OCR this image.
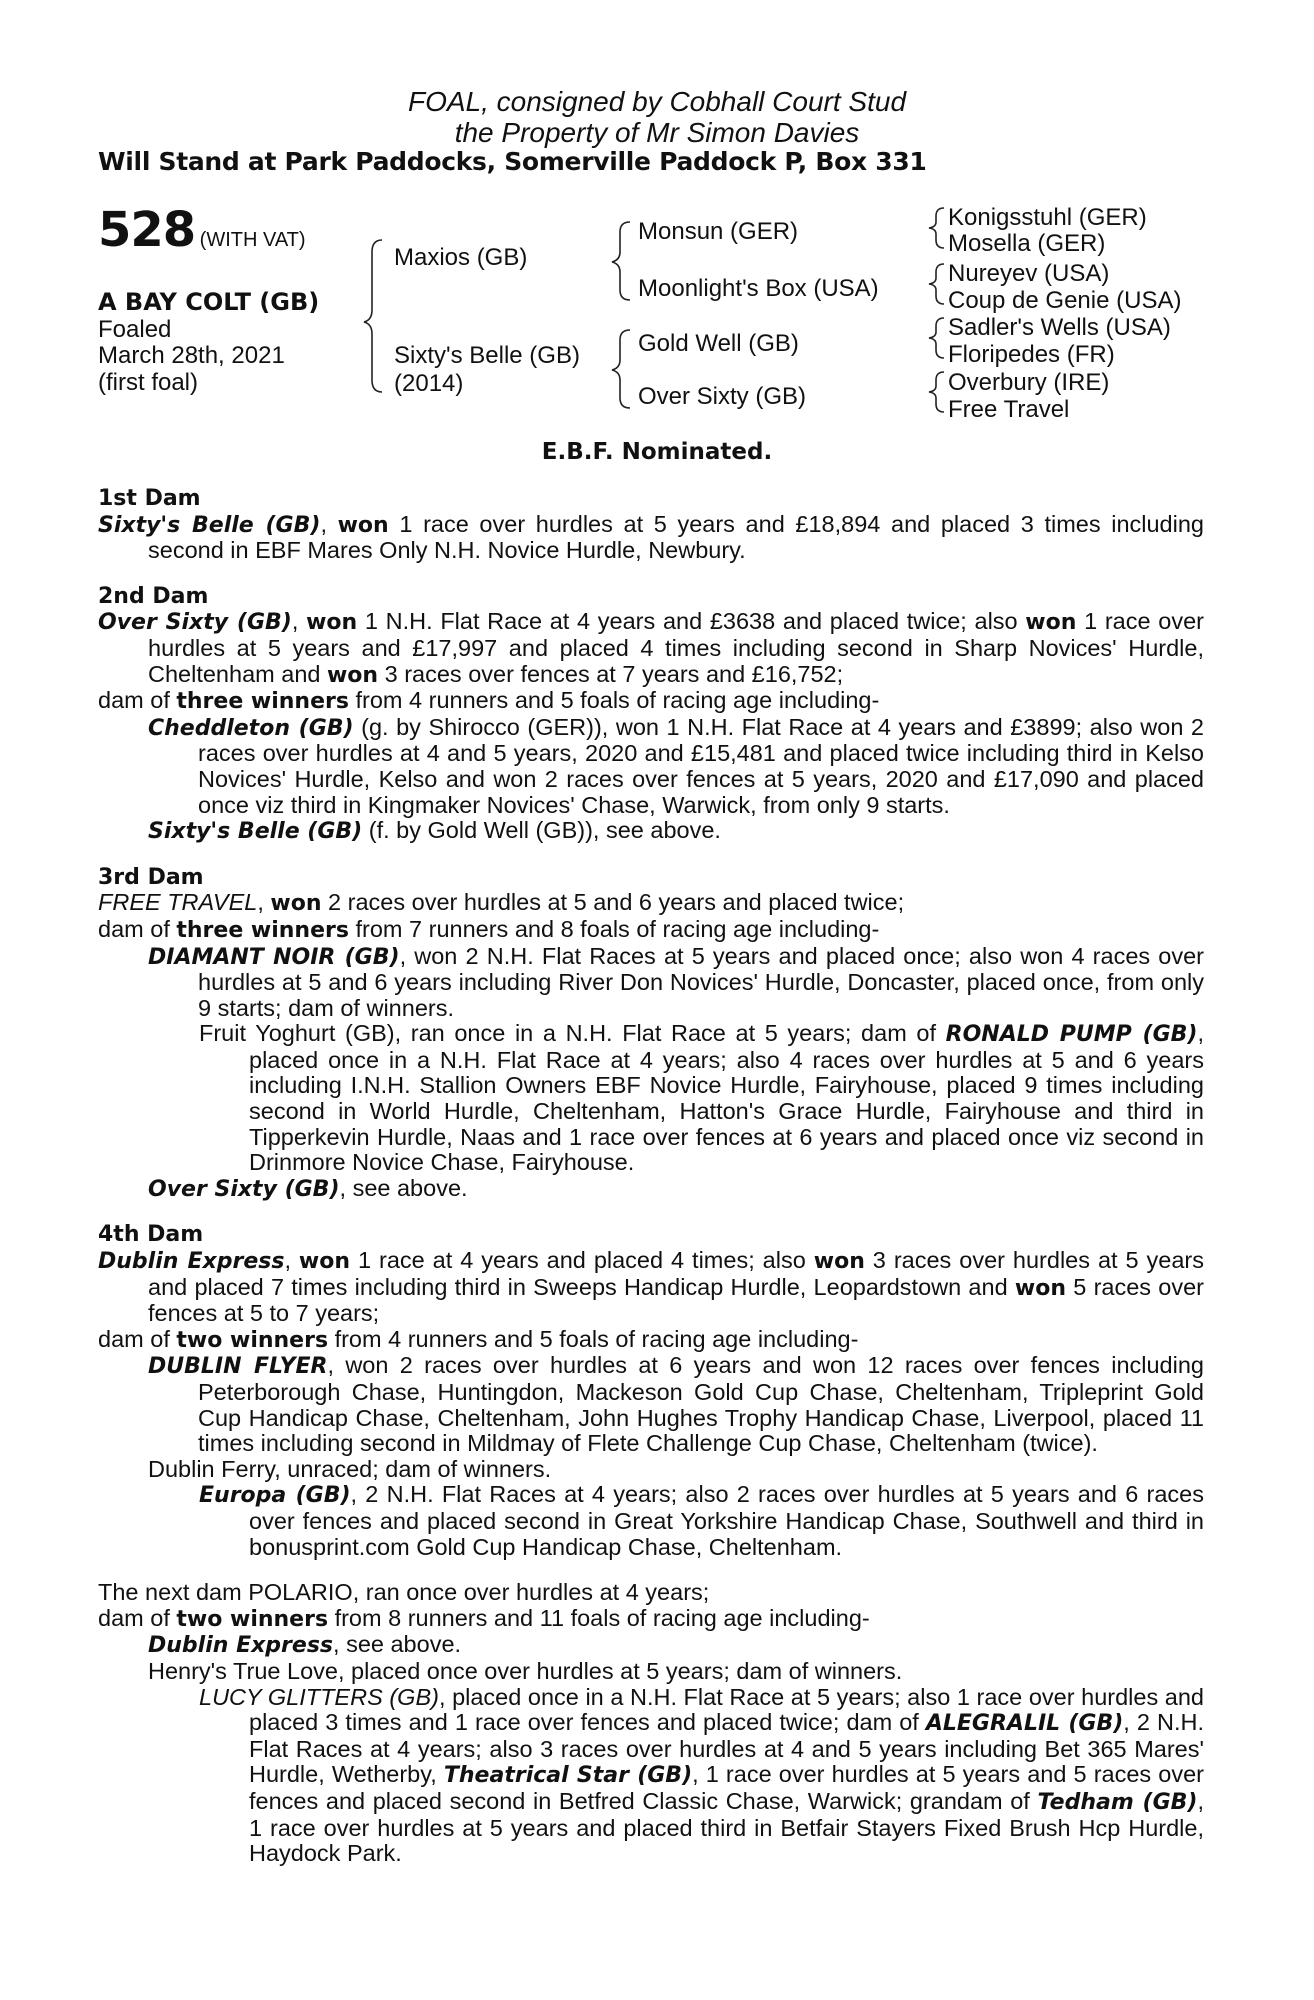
FOAL, consigned by Cobhall Court Stud
the Property of Mr Simon Davies
Will Stand at Park Paddocks, Somerville Paddock P, Box 331
528 (WITH VAT)
A BAY COLT (GB)
Foaled
March 28th, 2021
(first foal)
Maxios (GB)
Sixty's Belle (GB)
(2014)
Monsun (GER)
Moonlight's Box (USA)
Gold Well (GB)
Over Sixty (GB)
Konigsstuhl (GER)
Mosella (GER)
Nureyev (USA)
Coup de Genie (USA)
Sadler's Wells (USA)
Floripedes (FR)
Overbury (IRE)
Free Travel
E.B.F. Nominated.
1st Dam
Sixty's Belle (GB), won 1 race over hurdles at 5 years and £18,894 and placed 3 times including second in EBF Mares Only N.H. Novice Hurdle, Newbury.
2nd Dam
Over Sixty (GB), won 1 N.H. Flat Race at 4 years and £3638 and placed twice; also won 1 race over hurdles at 5 years and £17,997 and placed 4 times including second in Sharp Novices' Hurdle, Cheltenham and won 3 races over fences at 7 years and £16,752;
dam of three winners from 4 runners and 5 foals of racing age including-
Cheddleton (GB) (g. by Shirocco (GER)), won 1 N.H. Flat Race at 4 years and £3899; also won 2 races over hurdles at 4 and 5 years, 2020 and £15,481 and placed twice including third in Kelso Novices' Hurdle, Kelso and won 2 races over fences at 5 years, 2020 and £17,090 and placed once viz third in Kingmaker Novices' Chase, Warwick, from only 9 starts.
Sixty's Belle (GB) (f. by Gold Well (GB)), see above.
3rd Dam
FREE TRAVEL, won 2 races over hurdles at 5 and 6 years and placed twice;
dam of three winners from 7 runners and 8 foals of racing age including-
DIAMANT NOIR (GB), won 2 N.H. Flat Races at 5 years and placed once; also won 4 races over hurdles at 5 and 6 years including River Don Novices' Hurdle, Doncaster, placed once, from only 9 starts; dam of winners.
Fruit Yoghurt (GB), ran once in a N.H. Flat Race at 5 years; dam of RONALD PUMP (GB), placed once in a N.H. Flat Race at 4 years; also 4 races over hurdles at 5 and 6 years including I.N.H. Stallion Owners EBF Novice Hurdle, Fairyhouse, placed 9 times including second in World Hurdle, Cheltenham, Hatton's Grace Hurdle, Fairyhouse and third in Tipperkevin Hurdle, Naas and 1 race over fences at 6 years and placed once viz second in Drinmore Novice Chase, Fairyhouse.
Over Sixty (GB), see above.
4th Dam
Dublin Express, won 1 race at 4 years and placed 4 times; also won 3 races over hurdles at 5 years and placed 7 times including third in Sweeps Handicap Hurdle, Leopardstown and won 5 races over fences at 5 to 7 years;
dam of two winners from 4 runners and 5 foals of racing age including-
DUBLIN FLYER, won 2 races over hurdles at 6 years and won 12 races over fences including Peterborough Chase, Huntingdon, Mackeson Gold Cup Chase, Cheltenham, Tripleprint Gold Cup Handicap Chase, Cheltenham, John Hughes Trophy Handicap Chase, Liverpool, placed 11 times including second in Mildmay of Flete Challenge Cup Chase, Cheltenham (twice).
Dublin Ferry, unraced; dam of winners.
Europa (GB), 2 N.H. Flat Races at 4 years; also 2 races over hurdles at 5 years and 6 races over fences and placed second in Great Yorkshire Handicap Chase, Southwell and third in bonusprint.com Gold Cup Handicap Chase, Cheltenham.
The next dam POLARIO, ran once over hurdles at 4 years;
dam of two winners from 8 runners and 11 foals of racing age including-
Dublin Express, see above.
Henry's True Love, placed once over hurdles at 5 years; dam of winners.
LUCY GLITTERS (GB), placed once in a N.H. Flat Race at 5 years; also 1 race over hurdles and placed 3 times and 1 race over fences and placed twice; dam of ALEGRALIL (GB), 2 N.H. Flat Races at 4 years; also 3 races over hurdles at 4 and 5 years including Bet 365 Mares' Hurdle, Wetherby, Theatrical Star (GB), 1 race over hurdles at 5 years and 5 races over fences and placed second in Betfred Classic Chase, Warwick; grandam of Tedham (GB), 1 race over hurdles at 5 years and placed third in Betfair Stayers Fixed Brush Hcp Hurdle, Haydock Park.
